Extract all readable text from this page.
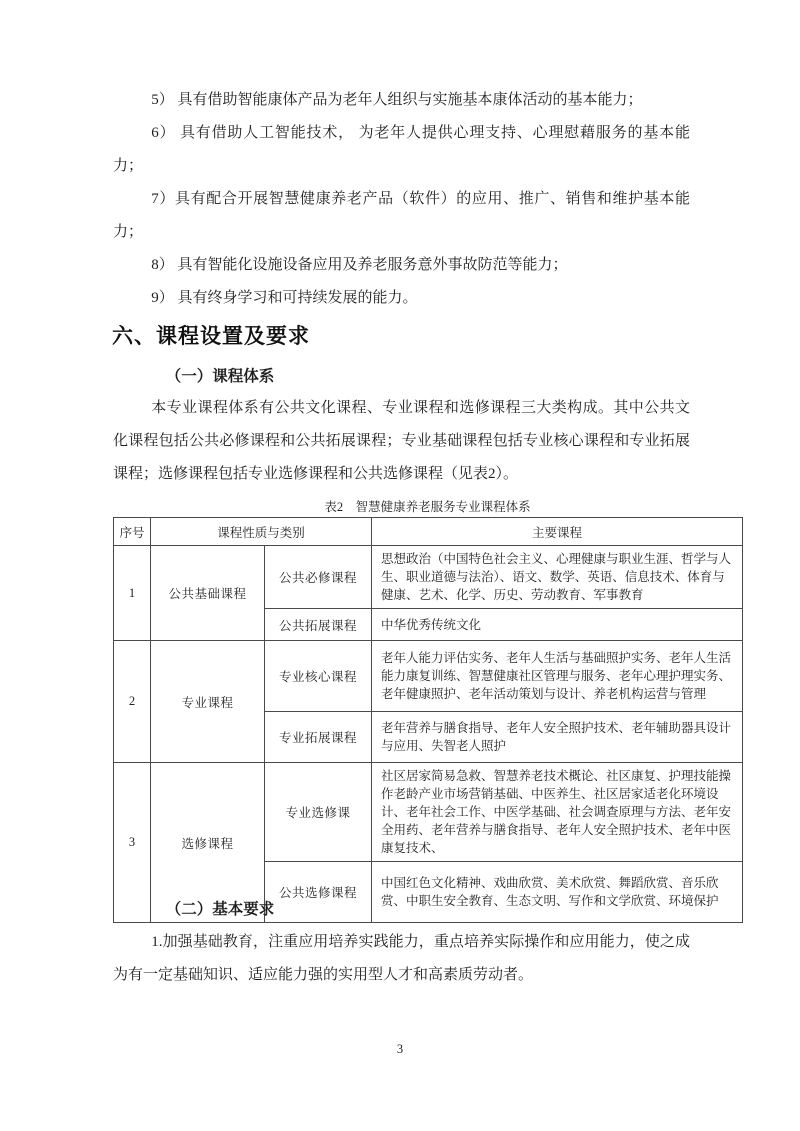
5） 具有借助智能康体产品为老年人组织与实施基本康体活动的基本能力；

6） 具有借助人工智能技术， 为老年人提供心理支持、心理慰藉服务的基本能力；

7）具有配合开展智慧健康养老产品（软件）的应用、推广、销售和维护基本能力；

8） 具有智能化设施设备应用及养老服务意外事故防范等能力；

9） 具有终身学习和可持续发展的能力。

六、课程设置及要求
（一）课程体系

本专业课程体系有公共文化课程、专业课程和选修课程三大类构成。其中公共文化课程包括公共必修课程和公共拓展课程；专业基础课程包括专业核心课程和专业拓展课程；选修课程包括专业选修课程和公共选修课程（见表2）。

表2　智慧健康养老服务专业课程体系
序号	课程性质与类别		主要课程
1	公共基础课程	公共必修课程	思想政治（中国特色社会主义、心理健康与职业生涯、哲学与人生、职业道德与法治）、语文、数学、英语、信息技术、体育与健康、艺术、化学、历史、劳动教育、军事教育
		公共拓展课程	中华优秀传统文化
2	专业课程	专业核心课程	老年人能力评估实务、老年人生活与基础照护实务、老年人生活能力康复训练、智慧健康社区管理与服务、老年心理护理实务、老年健康照护、老年活动策划与设计、养老机构运营与管理
		专业拓展课程	老年营养与膳食指导、老年人安全照护技术、老年辅助器具设计与应用、失智老人照护
3	选修课程	专业选修课	社区居家简易急救、智慧养老技术概论、社区康复、护理技能操作老龄产业市场营销基础、中医养生、社区居家适老化环境设计、老年社会工作、中医学基础、社会调查原理与方法、老年安全用药、老年营养与膳食指导、老年人安全照护技术、老年中医康复技术、
		公共选修课程	中国红色文化精神、戏曲欣赏、美术欣赏、舞蹈欣赏、音乐欣赏、中职生安全教育、生态文明、写作和文学欣赏、环境保护
（二）基本要求

1.加强基础教育，注重应用培养实践能力，重点培养实际操作和应用能力，使之成为有一定基础知识、适应能力强的实用型人才和高素质劳动者。

3
